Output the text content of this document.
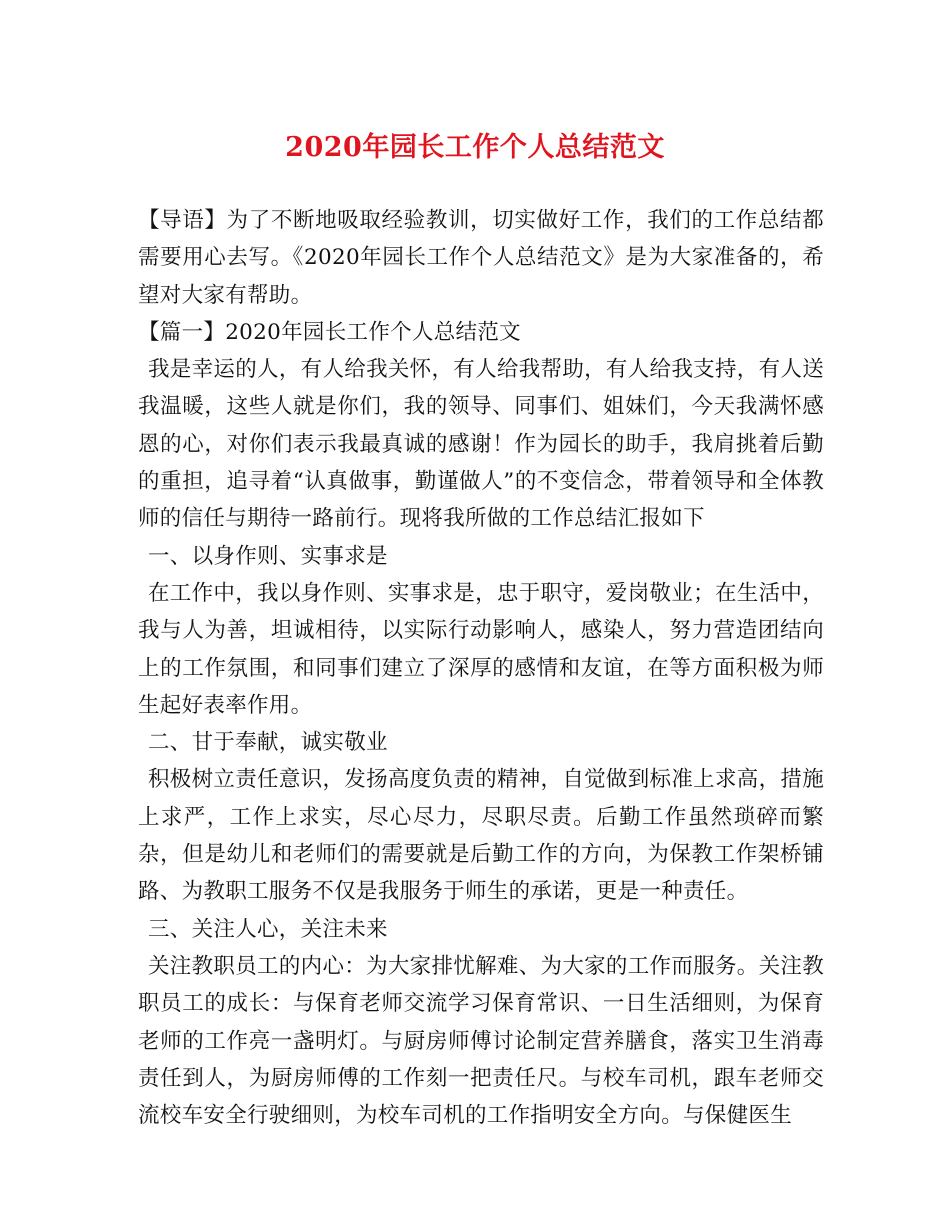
2020年园长工作个人总结范文

【导语】为了不断地吸取经验教训，切实做好工作，我们的工作总结都需要用心去写。《2020年园长工作个人总结范文》是为大家准备的，希望对大家有帮助。

【篇一】2020年园长工作个人总结范文

我是幸运的人，有人给我关怀，有人给我帮助，有人给我支持，有人送我温暖，这些人就是你们，我的领导、同事们、姐妹们，今天我满怀感恩的心，对你们表示我最真诚的感谢！作为园长的助手，我肩挑着后勤的重担，追寻着“认真做事，勤谨做人”的不变信念，带着领导和全体教师的信任与期待一路前行。现将我所做的工作总结汇报如下

一、以身作则、实事求是

在工作中，我以身作则、实事求是，忠于职守，爱岗敬业；在生活中，我与人为善，坦诚相待，以实际行动影响人，感染人，努力营造团结向上的工作氛围，和同事们建立了深厚的感情和友谊，在等方面积极为师生起好表率作用。

二、甘于奉献，诚实敬业

积极树立责任意识，发扬高度负责的精神，自觉做到标准上求高，措施上求严，工作上求实，尽心尽力，尽职尽责。后勤工作虽然琐碎而繁杂，但是幼儿和老师们的需要就是后勤工作的方向，为保教工作架桥铺路、为教职工服务不仅是我服务于师生的承诺，更是一种责任。

三、关注人心，关注未来

关注教职员工的内心：为大家排忧解难、为大家的工作而服务。关注教职员工的成长：与保育老师交流学习保育常识、一日生活细则，为保育老师的工作亮一盏明灯。与厨房师傅讨论制定营养膳食，落实卫生消毒责任到人，为厨房师傅的工作刻一把责任尺。与校车司机，跟车老师交流校车安全行驶细则，为校车司机的工作指明安全方向。与保健医生
